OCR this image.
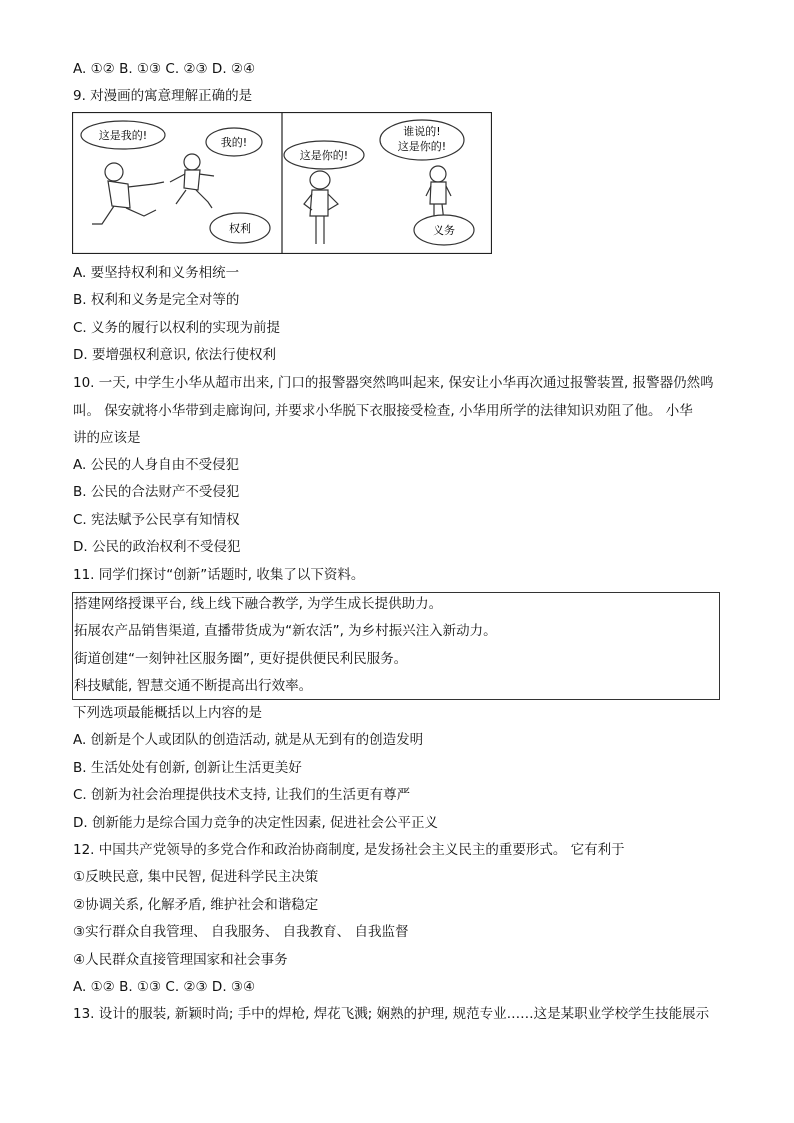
A. ①② B. ①③ C. ②③ D. ②④
9. 对漫画的寓意理解正确的是
这是我的!
我的!
权利
这是你的!
谁说的!
这是你的!
义务
A. 要坚持权利和义务相统一
B. 权利和义务是完全对等的
C. 义务的履行以权利的实现为前提
D. 要增强权利意识, 依法行使权利
10. 一天, 中学生小华从超市出来, 门口的报警器突然鸣叫起来, 保安让小华再次通过报警装置, 报警器仍然鸣
叫。 保安就将小华带到走廊询问, 并要求小华脱下衣服接受检查, 小华用所学的法律知识劝阻了他。 小华
讲的应该是
A. 公民的人身自由不受侵犯
B. 公民的合法财产不受侵犯
C. 宪法赋予公民享有知情权
D. 公民的政治权利不受侵犯
11. 同学们探讨“创新”话题时, 收集了以下资料。
搭建网络授课平台, 线上线下融合教学, 为学生成长提供助力。
拓展农产品销售渠道, 直播带货成为“新农活”, 为乡村振兴注入新动力。
街道创建“一刻钟社区服务圈”, 更好提供便民利民服务。
科技赋能, 智慧交通不断提高出行效率。
下列选项最能概括以上内容的是
A. 创新是个人或团队的创造活动, 就是从无到有的创造发明
B. 生活处处有创新, 创新让生活更美好
C. 创新为社会治理提供技术支持, 让我们的生活更有尊严
D. 创新能力是综合国力竞争的决定性因素, 促进社会公平正义
12. 中国共产党领导的多党合作和政治协商制度, 是发扬社会主义民主的重要形式。 它有利于
①反映民意, 集中民智, 促进科学民主决策
②协调关系, 化解矛盾, 维护社会和谐稳定
③实行群众自我管理、 自我服务、 自我教育、 自我监督
④人民群众直接管理国家和社会事务
A. ①② B. ①③ C. ②③ D. ③④
13. 设计的服装, 新颖时尚; 手中的焊枪, 焊花飞溅; 娴熟的护理, 规范专业……这是某职业学校学生技能展示
